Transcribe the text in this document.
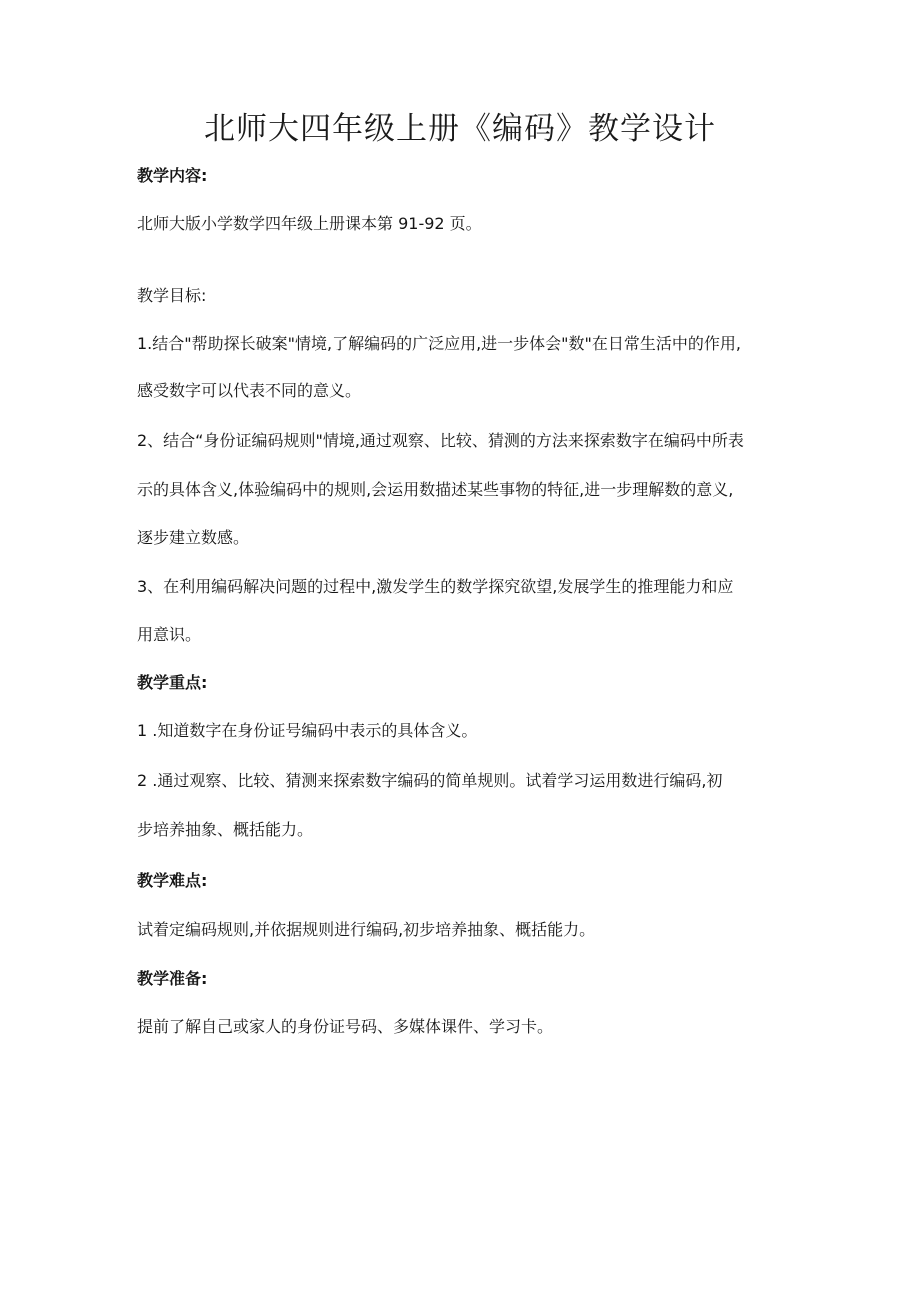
北师大四年级上册《编码》教学设计
教学内容:
北师大版小学数学四年级上册课本第 91-92 页。
教学目标:
1.结合"帮助探长破案"情境,了解编码的广泛应用,进一步体会"数"在日常生活中的作用,
感受数字可以代表不同的意义。
2、结合“身份证编码规则"情境,通过观察、比较、猜测的方法来探索数字在编码中所表
示的具体含义,体验编码中的规则,会运用数描述某些事物的特征,进一步理解数的意义,
逐步建立数感。
3、在利用编码解决问题的过程中,激发学生的数学探究欲望,发展学生的推理能力和应
用意识。
教学重点:
1 .知道数字在身份证号编码中表示的具体含义。
2 .通过观察、比较、猜测来探索数字编码的简单规则。试着学习运用数进行编码,初
步培养抽象、概括能力。
教学难点:
试着定编码规则,并依据规则进行编码,初步培养抽象、概括能力。
教学准备:
提前了解自己或家人的身份证号码、多媒体课件、学习卡。
